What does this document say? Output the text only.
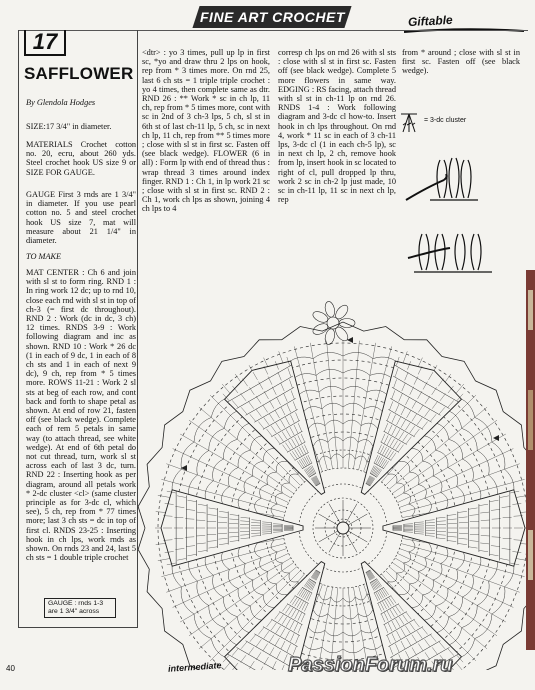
FINE ART CROCHET	Giftable
17
SAFFLOWER
By Glendola Hodges
SIZE:17 3/4" in diameter.
MATERIALS Crochet cotton no. 20, ecru, about 260 yds. Steel crochet hook US size 9 or SIZE FOR GAUGE.
GAUGE First 3 rnds are 1 3/4" in diameter. If you use pearl cotton no. 5 and steel crochet hook US size 7, mat will measure about 21 1/4" in diameter.
TO MAKE
MAT CENTER : Ch 6 and join with sl st to form ring. RND 1 : In ring work 12 dc; up to rnd 10, close each rnd with sl st in top of ch-3 (= first dc throughout). RND 2 : Work (dc in dc, 3 ch) 12 times. RNDS 3-9 : Work following diagram and inc as shown. RND 10 : Work * 26 dc (1 in each of 9 dc, 1 in each of 8 ch sts and 1 in each of next 9 dc), 9 ch, rep from * 5 times more. ROWS 11-21 : Work 2 sl sts at beg of each row, and cont back and forth to shape petal as shown. At end of row 21, fasten off (see black wedge). Complete each of rem 5 petals in same way (to attach thread, see white wedge). At end of 6th petal do not cut thread, turn, work sl st across each of last 3 dc, turn. RND 22 : Inserting hook as per diagram, around all petals work * 2-dc cluster <cl> (same cluster principle as for 3-dc cl, which see), 5 ch, rep from * 77 times more; last 3 ch sts = dc in top of first cl. RNDS 23-25 : Inserting hook in ch lps, work rnds as shown. On rnds 23 and 24, last 5 ch sts = 1 double triple crochet
<dtr> : yo 3 times, pull up lp in first sc, *yo and draw thru 2 lps on hook, rep from * 3 times more. On rnd 25, last 6 ch sts = 1 triple triple crochet : yo 4 times, then complete same as dtr. RND 26 : ** Work * sc in ch lp, 11 ch, rep from * 5 times more, cont with sc in 2nd of 3 ch-3 lps, 5 ch, sl st in 6th st of last ch-11 lp, 5 ch, sc in next ch lp, 11 ch, rep from ** 5 times more ; close with sl st in first sc. Fasten off (see black wedge). FLOWER (6 in all) : Form lp with end of thread thus : wrap thread 3 times around index finger. RND 1 : Ch 1, in lp work 21 sc ; close with sl st in first sc. RND 2 : Ch 1, work ch lps as shown, joining 4 ch lps to 4
corresp ch lps on rnd 26 with sl sts : close with sl st in first sc. Fasten off (see black wedge). Complete 5 more flowers in same way. EDGING : RS facing, attach thread with sl st in ch-11 lp on rnd 26. RNDS 1-4 : Work following diagram and 3-dc cl how-to. Insert hook in ch lps throughout. On rnd 4, work * 11 sc in each of 3 ch-11 lps, 3-dc cl (1 in each ch-5 lp), sc in next ch lp, 2 ch, remove hook from lp, insert hook in sc located to right of cl, pull dropped lp thru, work 2 sc in ch-2 lp just made, 10 sc in ch-11 lp, 11 sc in next ch lp, rep
from * around ; close with sl st in first sc. Fasten off (see black wedge).
= 3-dc cluster
GAUGE : rnds 1-3
are 1 3/4" across
40	intermediate	PassionForum.ru
